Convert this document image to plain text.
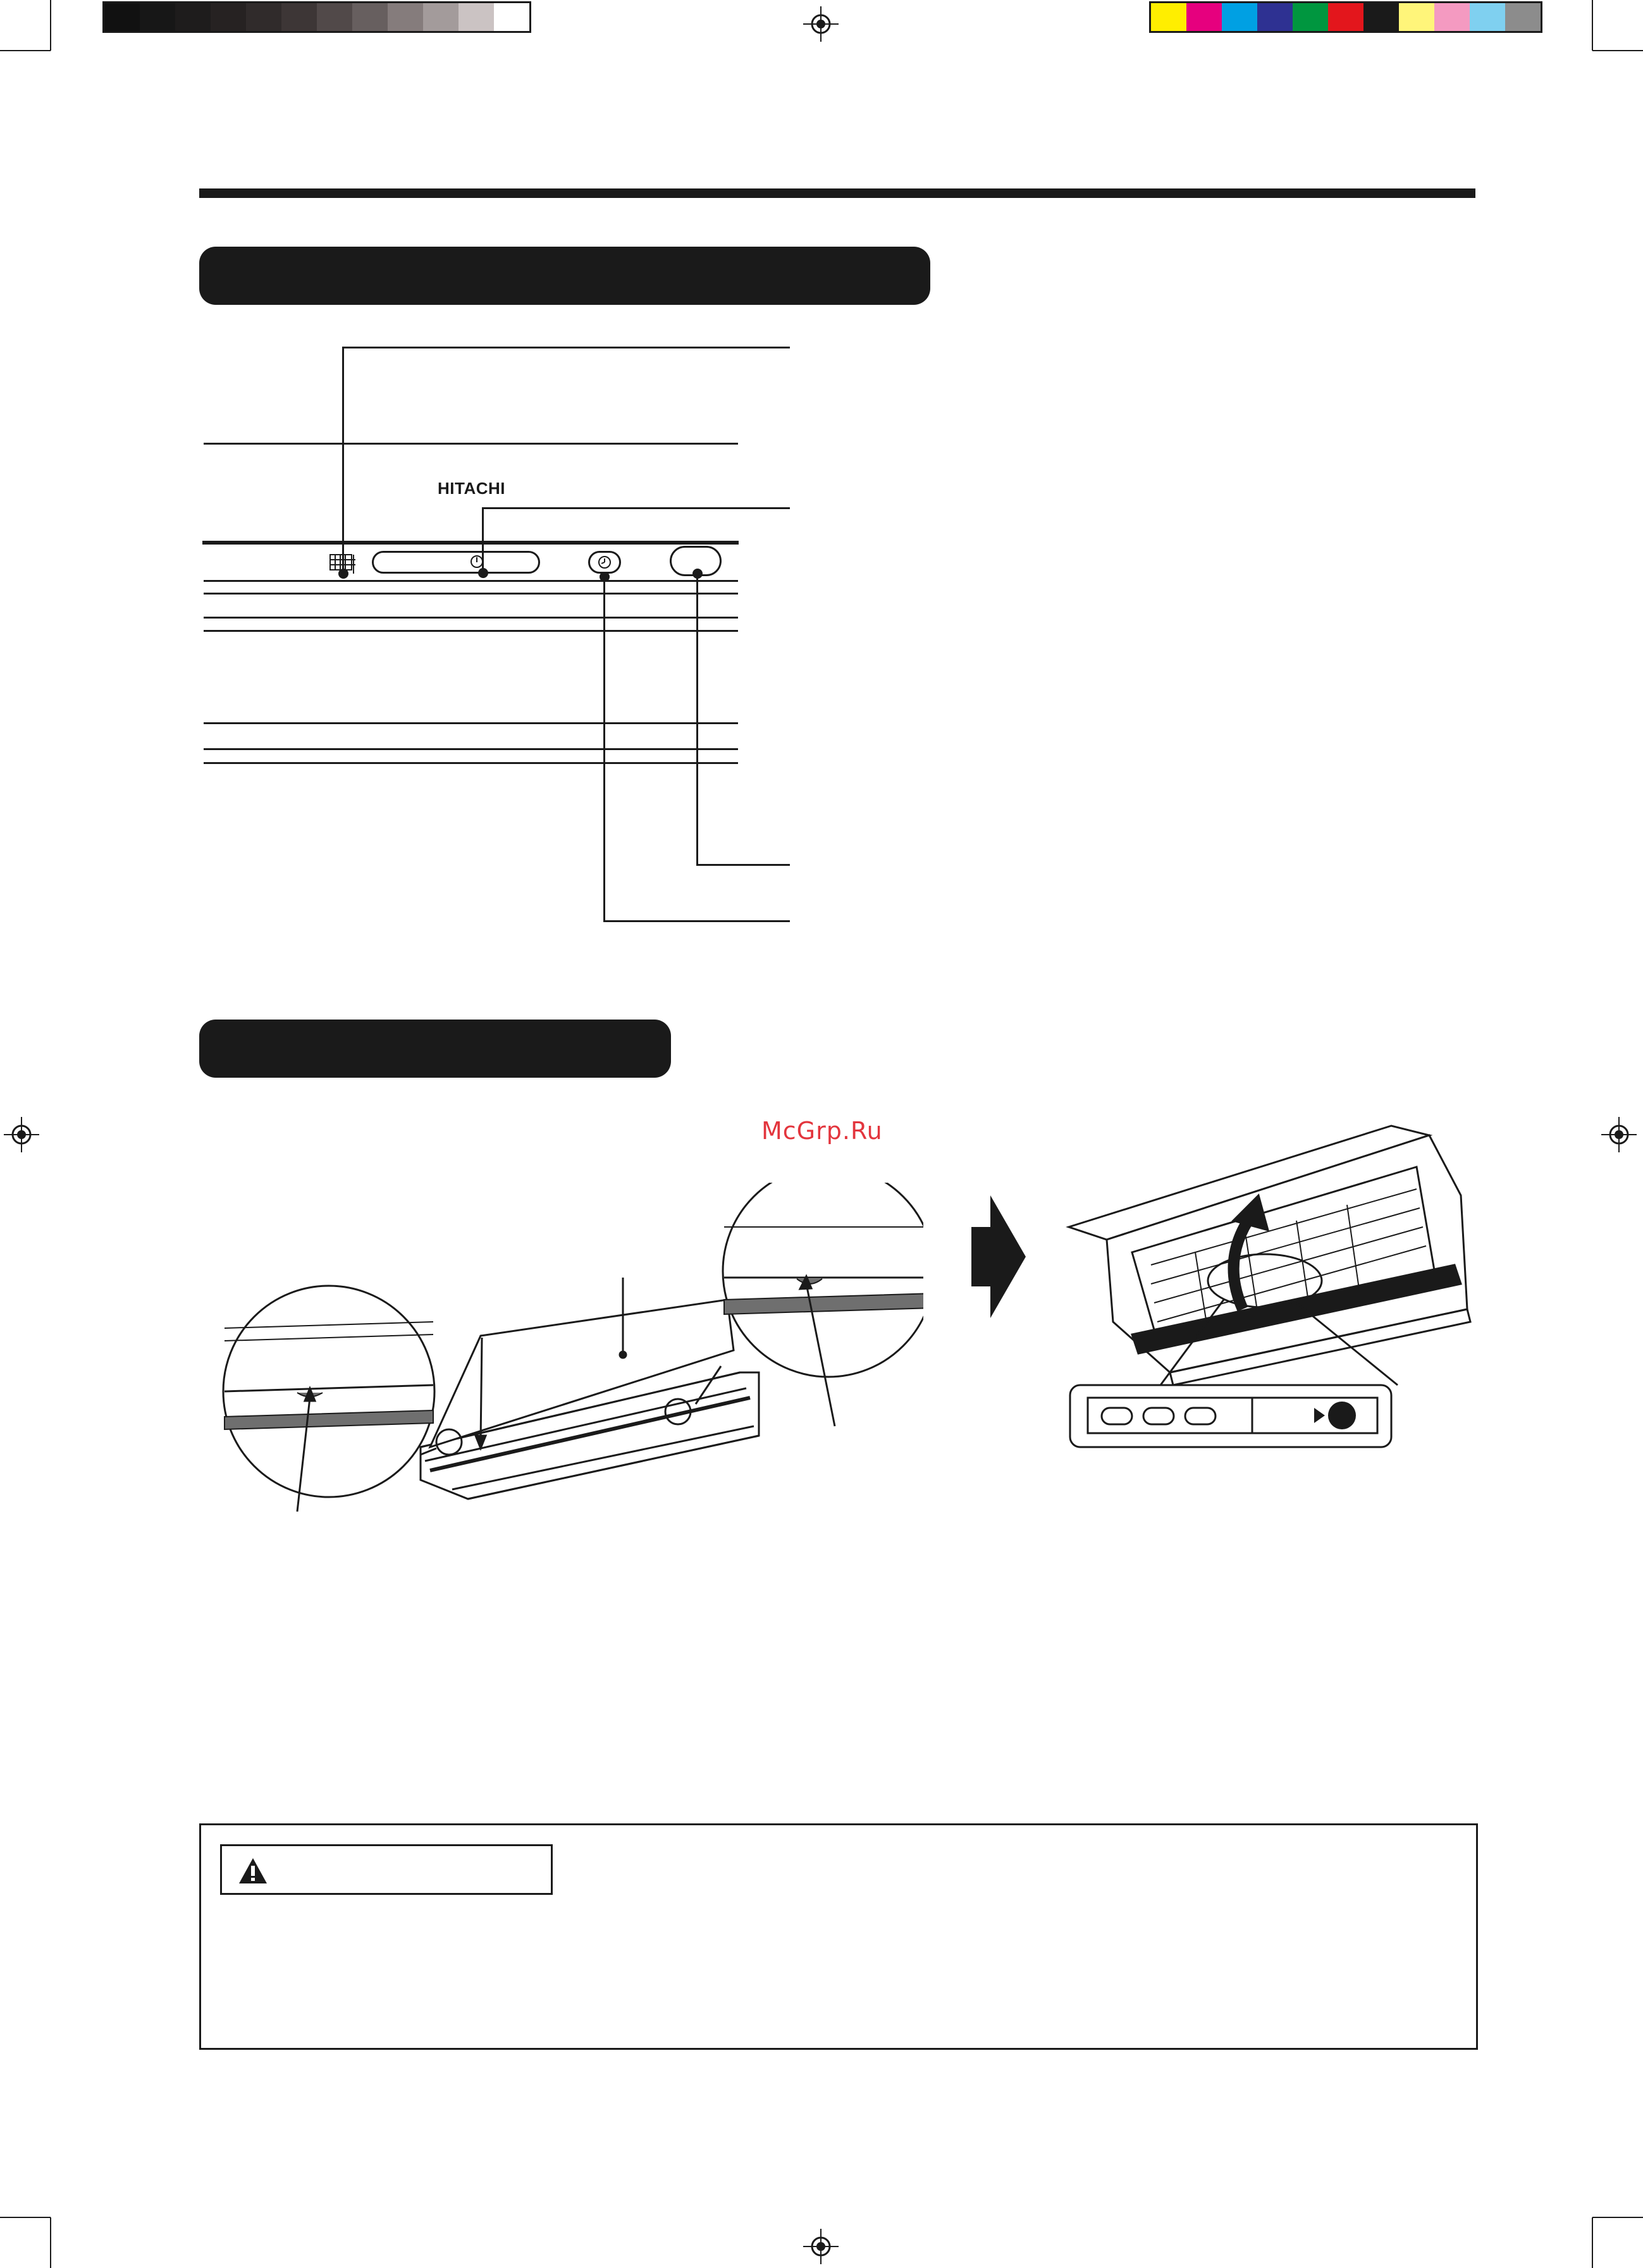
HITACHI
McGrp.Ru
